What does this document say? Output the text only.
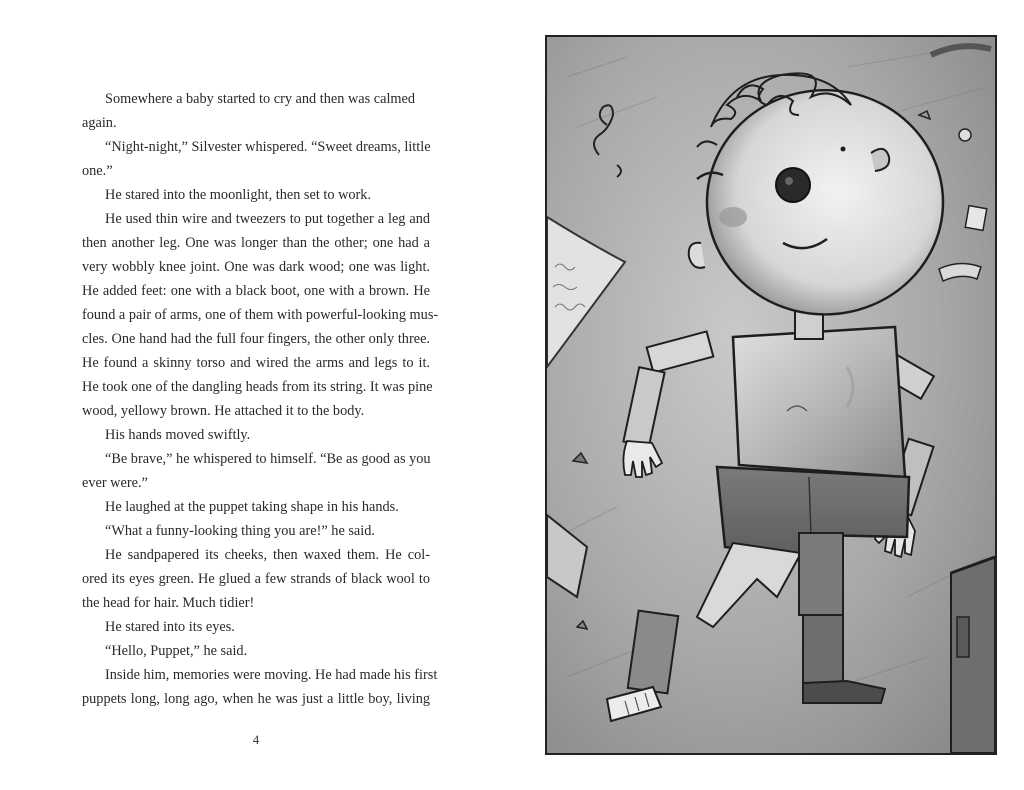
Somewhere a baby started to cry and then was calmed
again.
“Night-night,” Silvester whispered. “Sweet dreams, little
one.”
He stared into the moonlight, then set to work.
He used thin wire and tweezers to put together a leg and
then another leg. One was longer than the other; one had a
very wobbly knee joint. One was dark wood; one was light.
He added feet: one with a black boot, one with a brown. He
found a pair of arms, one of them with powerful-looking mus-
cles. One hand had the full four fingers, the other only three.
He found a skinny torso and wired the arms and legs to it.
He took one of the dangling heads from its string. It was pine
wood, yellowy brown. He attached it to the body.
His hands moved swiftly.
“Be brave,” he whispered to himself. “Be as good as you
ever were.”
He laughed at the puppet taking shape in his hands.
“What a funny-looking thing you are!” he said.
He sandpapered its cheeks, then waxed them. He col-
ored its eyes green. He glued a few strands of black wool to
the head for hair. Much tidier!
He stared into its eyes.
“Hello, Puppet,” he said.
Inside him, memories were moving. He had made his first
puppets long, long ago, when he was just a little boy, living
4
